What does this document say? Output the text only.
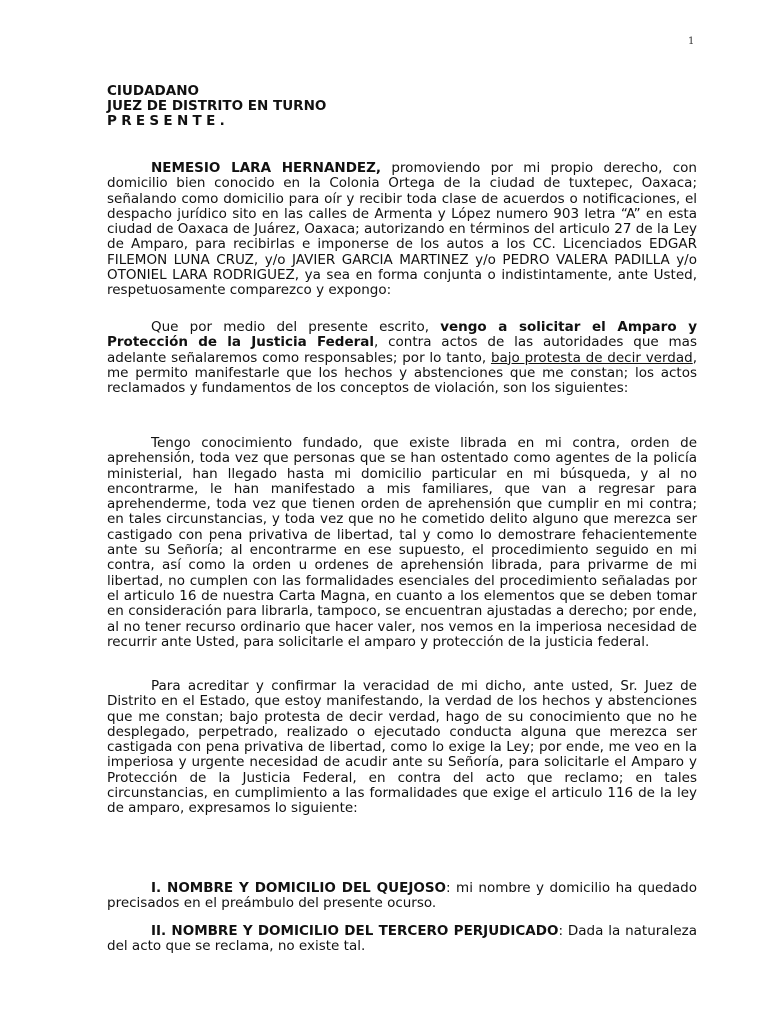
1
CIUDADANO
JUEZ DE DISTRITO EN TURNO
PRESENTE.

NEMESIO LARA HERNANDEZ, promoviendo por mi propio derecho, con domicilio bien conocido en la Colonia Ortega de la ciudad de tuxtepec, Oaxaca; señalando como domicilio para oír y recibir toda clase de acuerdos o notificaciones, el despacho jurídico sito en las calles de Armenta y López numero 903 letra “A” en esta ciudad de Oaxaca de Juárez, Oaxaca; autorizando en términos del articulo 27 de la Ley de Amparo, para recibirlas e imponerse de los autos a los CC. Licenciados EDGAR FILEMON LUNA CRUZ, y/o JAVIER GARCIA MARTINEZ y/o PEDRO VALERA PADILLA y/o OTONIEL LARA RODRIGUEZ, ya sea en forma conjunta o indistintamente, ante Usted, respetuosamente comparezco y expongo:

Que por medio del presente escrito, vengo a solicitar el Amparo y Protección de la Justicia Federal, contra actos de las autoridades que mas adelante señalaremos como responsables; por lo tanto, bajo protesta de decir verdad, me permito manifestarle que los hechos y abstenciones que me constan; los actos reclamados y fundamentos de los conceptos de violación, son los siguientes:

Tengo conocimiento fundado, que existe librada en mi contra, orden de aprehensión, toda vez que personas que se han ostentado como agentes de la policía ministerial, han llegado hasta mi domicilio particular en mi búsqueda, y al no encontrarme, le han manifestado a mis familiares, que van a regresar para aprehenderme, toda vez que tienen orden de aprehensión que cumplir en mi contra; en tales circunstancias, y toda vez que no he cometido delito alguno que merezca ser castigado con pena privativa de libertad, tal y como lo demostrare fehacientemente ante su Señoría; al encontrarme en ese supuesto, el procedimiento seguido en mi contra, así como la orden u ordenes de aprehensión librada, para privarme de mi libertad, no cumplen con las formalidades esenciales del procedimiento señaladas por el articulo 16 de nuestra Carta Magna, en cuanto a los elementos que se deben tomar en consideración para librarla, tampoco, se encuentran ajustadas a derecho; por ende, al no tener recurso ordinario que hacer valer, nos vemos en la imperiosa necesidad de recurrir ante Usted, para solicitarle el amparo y protección de la justicia federal.

Para acreditar y confirmar la veracidad de mi dicho, ante usted, Sr. Juez de Distrito en el Estado, que estoy manifestando, la verdad de los hechos y abstenciones que me constan; bajo protesta de decir verdad, hago de su conocimiento que no he desplegado, perpetrado, realizado o ejecutado conducta alguna que merezca ser castigada con pena privativa de libertad, como lo exige la Ley; por ende, me veo en la imperiosa y urgente necesidad de acudir ante su Señoría, para solicitarle el Amparo y Protección de la Justicia Federal, en contra del acto que reclamo; en tales circunstancias, en cumplimiento a las formalidades que exige el articulo 116 de la ley de amparo, expresamos lo siguiente:

I. NOMBRE Y DOMICILIO DEL QUEJOSO: mi nombre y domicilio ha quedado precisados en el preámbulo del presente ocurso.

II. NOMBRE Y DOMICILIO DEL TERCERO PERJUDICADO: Dada la naturaleza del acto que se reclama, no existe tal.
